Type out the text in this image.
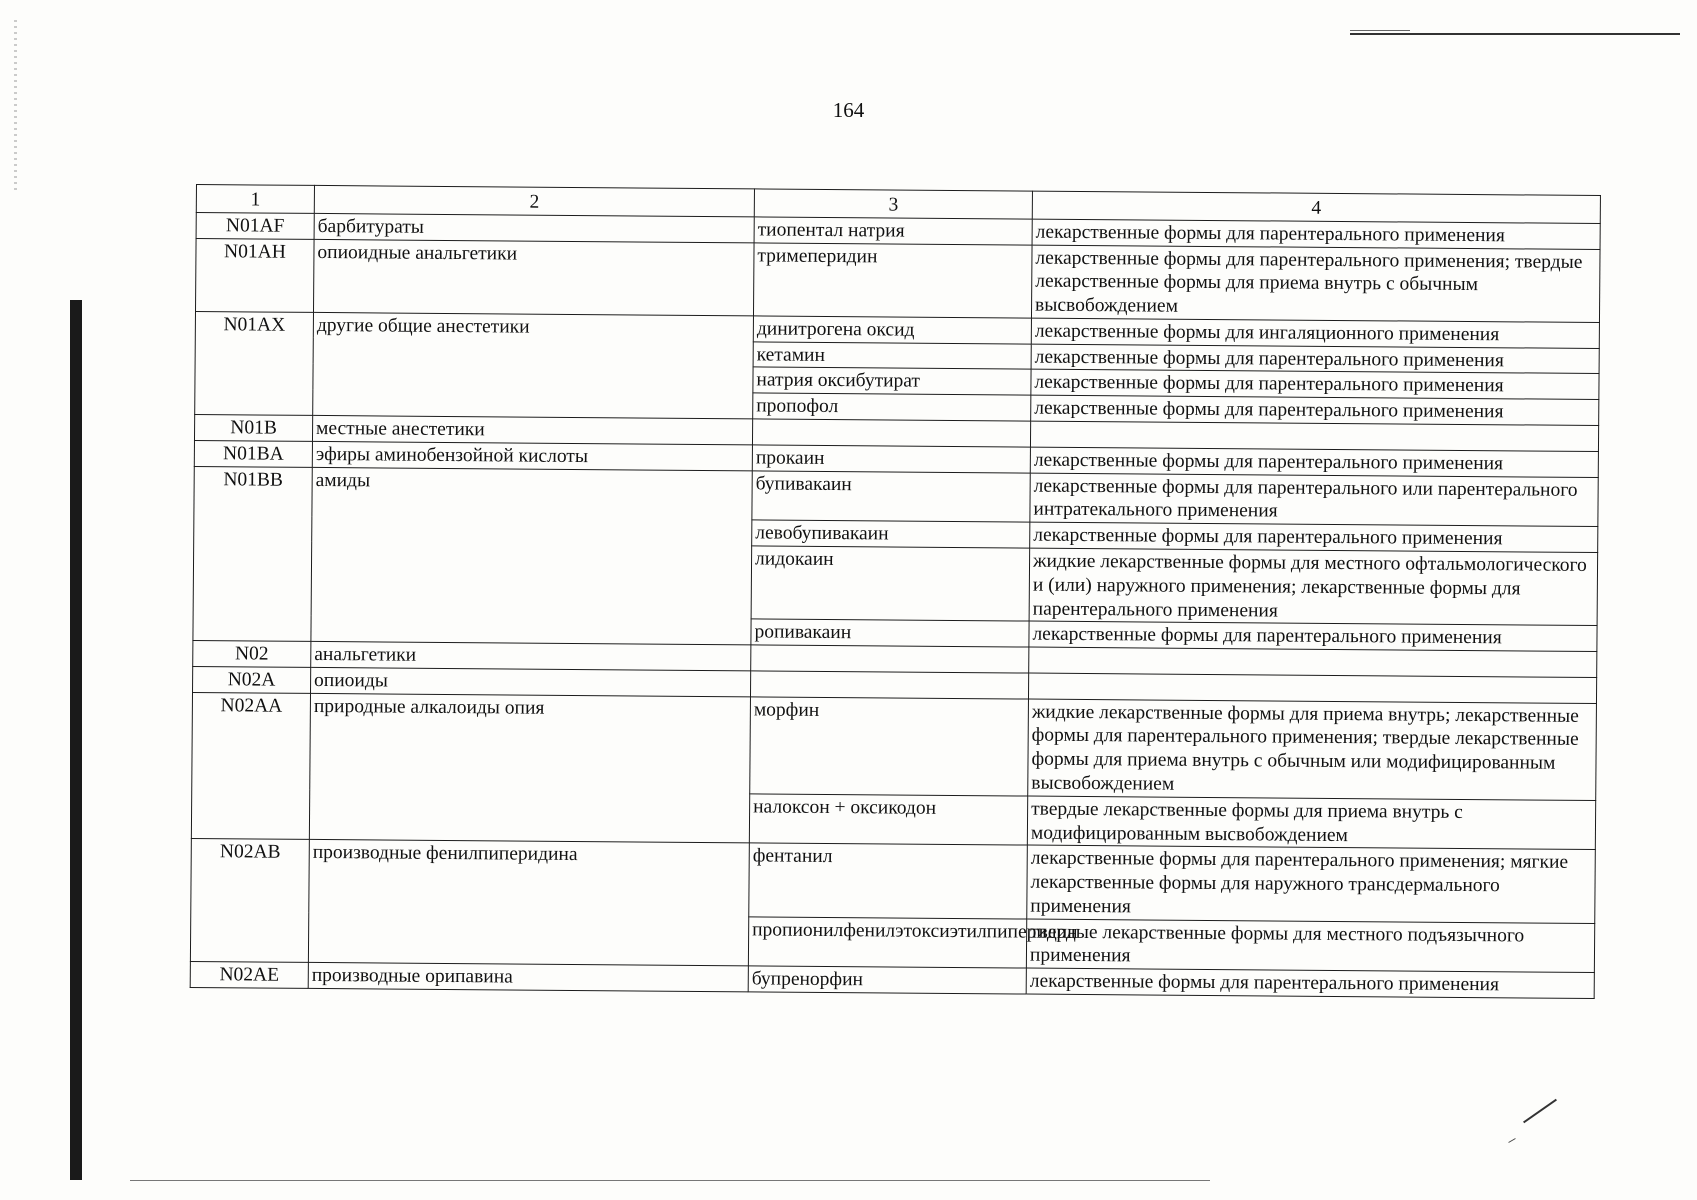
164
1	2	3	4
N01AF	барбитураты	тиопентал натрия	лекарственные формы для парентерального применения
N01AH	опиоидные анальгетики	тримеперидин	лекарственные формы для парентерального применения; твердые лекарственные формы для приема внутрь с обычным высвобождением
N01AX	другие общие анестетики	динитрогена оксид	лекарственные формы для ингаляционного применения
		кетамин	лекарственные формы для парентерального применения
		натрия оксибутират	лекарственные формы для парентерального применения
		пропофол	лекарственные формы для парентерального применения
N01B	местные анестетики		
N01BA	эфиры аминобензойной кислоты	прокаин	лекарственные формы для парентерального применения
N01BB	амиды	бупивакаин	лекарственные формы для парентерального или парентерального интратекального применения
		левобупивакаин	лекарственные формы для парентерального применения
		лидокаин	жидкие лекарственные формы для местного офтальмологического и (или) наружного применения; лекарственные формы для парентерального применения
		ропивакаин	лекарственные формы для парентерального применения
N02	анальгетики		
N02A	опиоиды		
N02AA	природные алкалоиды опия	морфин	жидкие лекарственные формы для приема внутрь; лекарственные формы для парентерального применения; твердые лекарственные формы для приема внутрь с обычным или модифицированным высвобождением
		налоксон + оксикодон	твердые лекарственные формы для приема внутрь с модифицированным высвобождением
N02AB	производные фенилпиперидина	фентанил	лекарственные формы для парентерального применения; мягкие лекарственные формы для наружного трансдермального применения
		пропионилфенилэтоксиэтилпиперидин	твердые лекарственные формы для местного подъязычного применения
N02AE	производные орипавина	бупренорфин	лекарственные формы для парентерального применения
